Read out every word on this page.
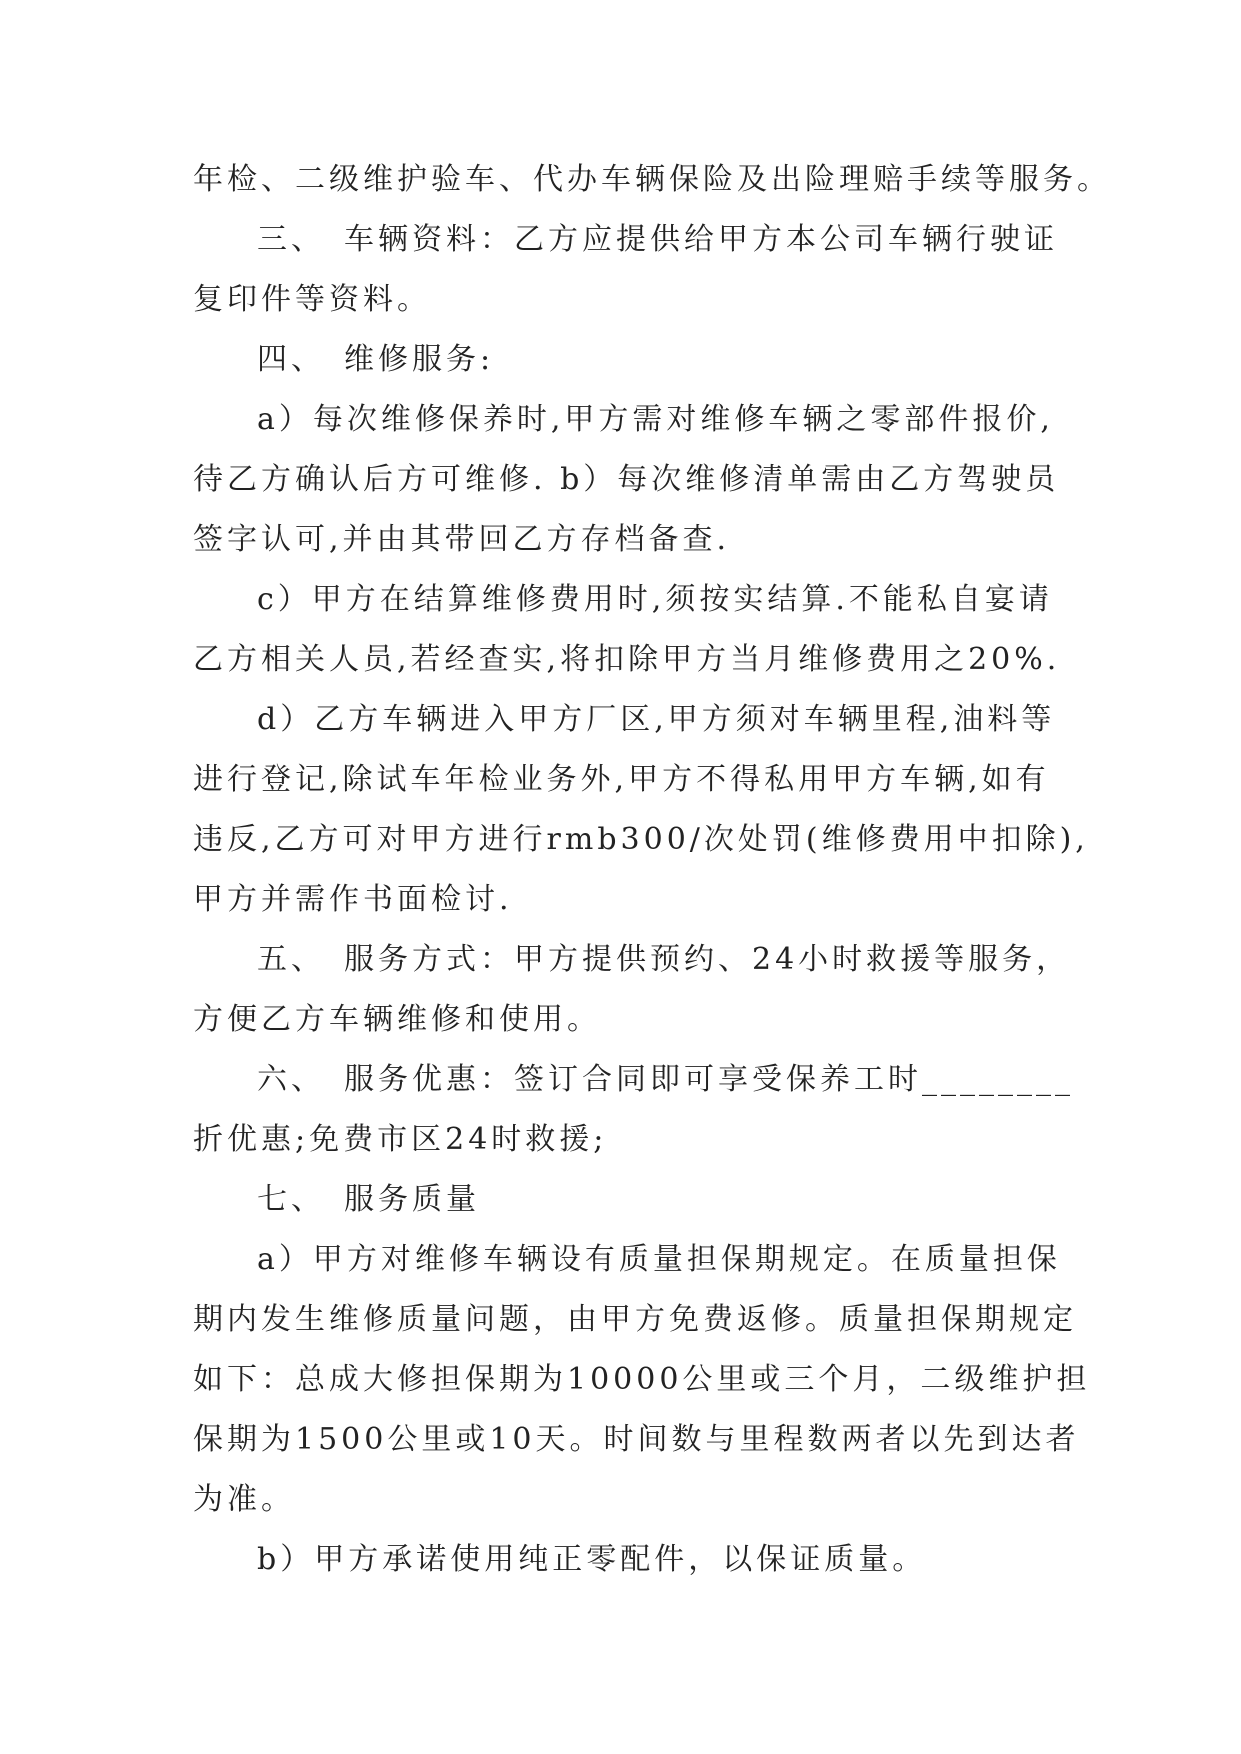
年检、二级维护验车、代办车辆保险及出险理赔手续等服务。
三、　车辆资料：乙方应提供给甲方本公司车辆行驶证
复印件等资料。
四、　维修服务:
a）每次维修保养时,甲方需对维修车辆之零部件报价,
待乙方确认后方可维修. b）每次维修清单需由乙方驾驶员
签字认可,并由其带回乙方存档备查.
c）甲方在结算维修费用时,须按实结算.不能私自宴请
乙方相关人员,若经查实,将扣除甲方当月维修费用之20%.
d）乙方车辆进入甲方厂区,甲方须对车辆里程,油料等
进行登记,除试车年检业务外,甲方不得私用甲方车辆,如有
违反,乙方可对甲方进行rmb300/次处罚(维修费用中扣除),
甲方并需作书面检讨.
五、　服务方式：甲方提供预约、24小时救援等服务，
方便乙方车辆维修和使用。
六、　服务优惠：签订合同即可享受保养工时________
折优惠;免费市区24时救援;
七、　服务质量
a）甲方对维修车辆设有质量担保期规定。在质量担保
期内发生维修质量问题，由甲方免费返修。质量担保期规定
如下：总成大修担保期为10000公里或三个月，二级维护担
保期为1500公里或10天。时间数与里程数两者以先到达者
为准。
b）甲方承诺使用纯正零配件，以保证质量。
